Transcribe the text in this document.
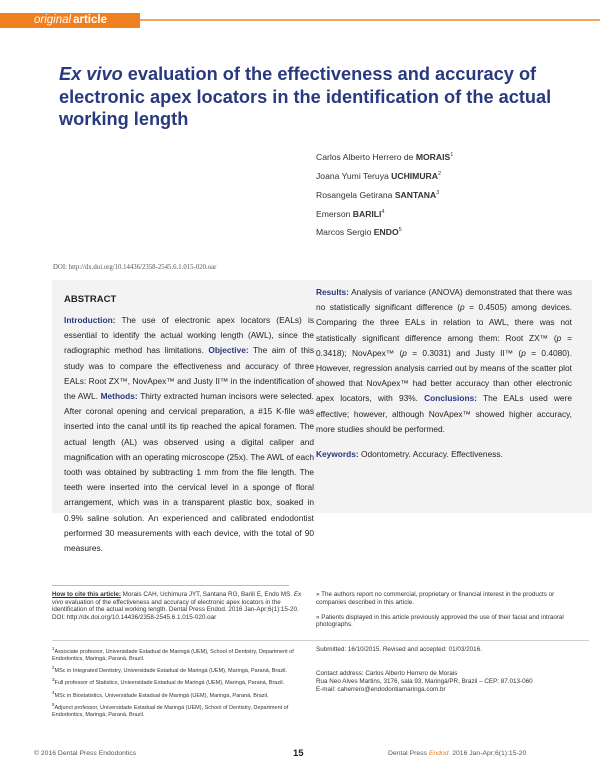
original article
Ex vivo evaluation of the effectiveness and accuracy of electronic apex locators in the identification of the actual working length
Carlos Alberto Herrero de MORAIS$^1$
Joana Yumi Teruya UCHIMURA$^2$
Rosangela Getirana SANTANA$^3$
Emerson BARILI$^4$
Marcos Sergio ENDO$^5$
DOI: http://dx.doi.org/10.14436/2358-2545.6.1.015-020.oar
ABSTRACT
Introduction: The use of electronic apex locators (EALs) is essential to identify the actual working length (AWL), since the radiographic method has limitations. Objective: The aim of this study was to compare the effectiveness and accuracy of three EALs: Root ZX™, NovApex™ and Justy II™ in the indentification of the AWL. Methods: Thirty extracted human incisors were selected. After coronal opening and cervical preparation, a #15 K-file was inserted into the canal until its tip reached the apical foramen. The actual length (AL) was observed using a digital caliper and magnification with an operating microscope (25x). The AWL of each tooth was obtained by subtracting 1 mm from the file length. The teeth were inserted into the cervical level in a sponge of floral arrangement, which was in a transparent plastic box, soaked in 0.9% saline solution. An experienced and calibrated endodontist performed 30 measurements with each device, with the total of 90 measures.
Results: Analysis of variance (ANOVA) demonstrated that there was no statistically significant difference (p = 0.4505) among devices. Comparing the three EALs in relation to AWL, there was not statistically significant difference among them: Root ZX™ (p = 0.3418); NovApex™ (p = 0.3031) and Justy II™ (p = 0.4080). However, regression analysis carried out by means of the scatter plot showed that NovApex™ had better accuracy than other electronic apex locators, with 93%. Conclusions: The EALs used were effective; however, although NovApex™ showed higher accuracy, more studies should be performed.
Keywords: Odontometry. Accuracy. Effectiveness.
How to cite this article: Morais CAH, Uchimura JYT, Santana RG, Barili E, Endo MS. Ex vivo evaluation of the effectiveness and accuracy of electronic apex locators in the identification of the actual working length. Dental Press Endod. 2016 Jan-Apr;6(1):15-20.
DOI: http://dx.doi.org/10.14436/2358-2545.6.1.015-020.oar

» The authors report no commercial, proprietary or financial interest in the products or companies described in this article.

» Patients displayed in this article previously approved the use of their facial and intraoral photographs.

$^1$Associate professor, Universidade Estadual de Maringá (UEM), School of Dentistry, Department of Endodontics, Maringá, Paraná, Brazil.

$^2$MSc in Integrated Dentistry, Universidade Estadual de Maringá (UEM), Maringá, Paraná, Brazil.

$^3$Full professor of Statistics, Universidade Estadual de Maringá (UEM), Maringá, Paraná, Brazil.

$^4$MSc in Biostatistics, Universidade Estadual de Maringá (UEM), Maringá, Paraná, Brazil.

$^5$Adjunct professor, Universidade Estadual de Maringá (UEM), School of Dentistry, Department of Endodontics, Maringá, Paraná, Brazil.

Submitted: 16/10/2015. Revised and accepted: 01/03/2016.
Contact address: Carlos Alberto Herrero de Morais
Rua Neo Alves Martins, 3176, sala 93, Maringá/PR, Brazil – CEP: 87.013-060
E-mail: caherrero@endodontiamaringa.com.br
© 2016 Dental Press Endodontics	15	Dental Press Endod. 2016 Jan-Apr;6(1):15-20
